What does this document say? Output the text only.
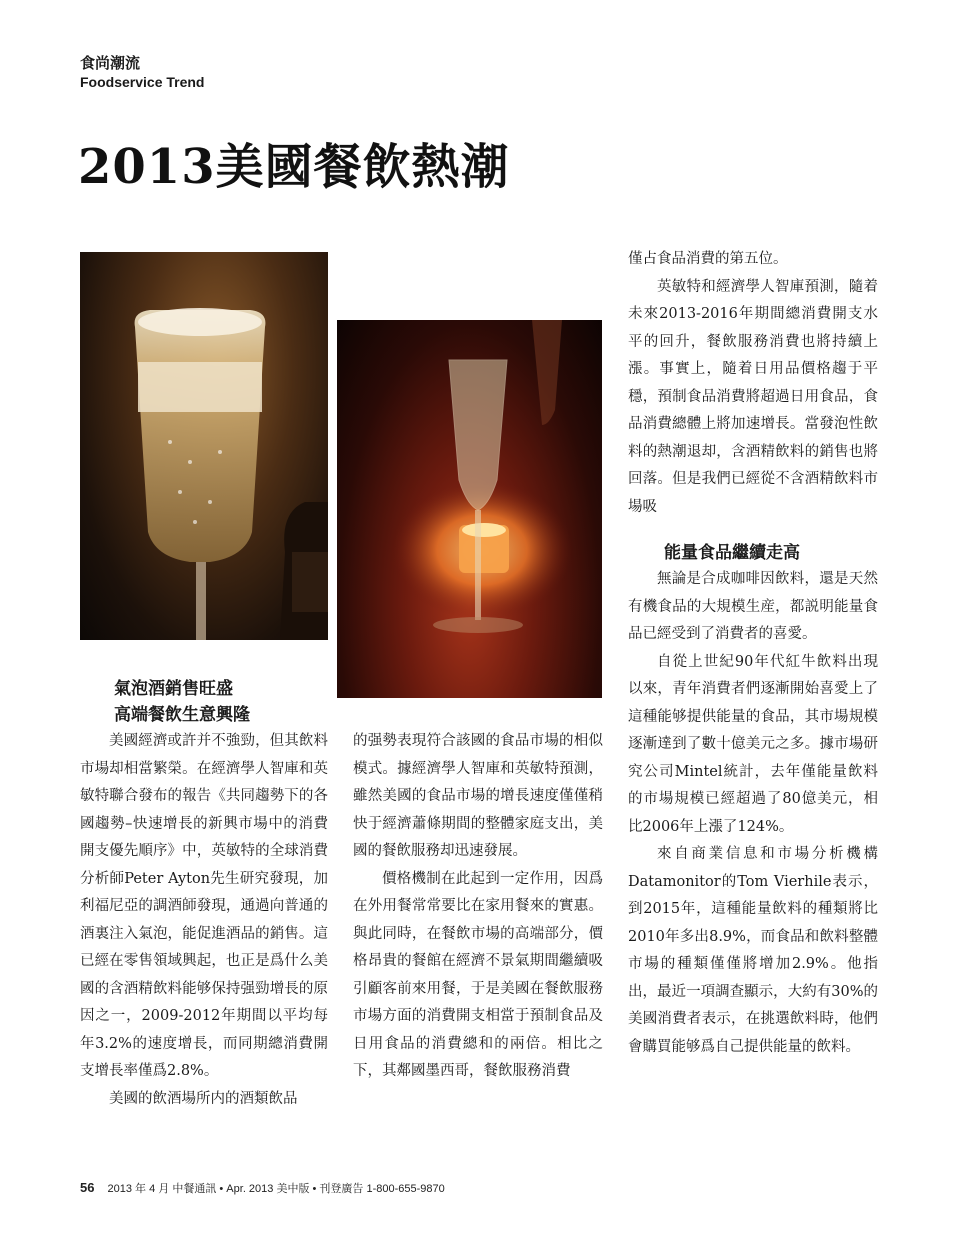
食尚潮流
Foodservice Trend
2013美國餐飲熱潮
氣泡酒銷售旺盛
高端餐飲生意興隆

美國經濟或許并不強勁，但其飲料市場却相當繁榮。在經濟學人智庫和英敏特聯合發布的報告《共同趨勢下的各國趨勢–快速增長的新興市場中的消費開支優先順序》中，英敏特的全球消費分析師Peter Ayton先生研究發現，加利福尼亞的調酒師發現，通過向普通的酒裏注入氣泡，能促進酒品的銷售。這已經在零售領域興起，也正是爲什么美國的含酒精飲料能够保持强勁增長的原因之一，2009-2012年期間以平均每年3.2%的速度增長，而同期總消費開支增長率僅爲2.8%。

美國的飲酒場所内的酒類飲品

的强勢表現符合該國的食品市場的相似模式。據經濟學人智庫和英敏特預測，雖然美國的食品市場的增長速度僅僅稍快于經濟蕭條期間的整體家庭支出，美國的餐飲服務却迅速發展。

價格機制在此起到一定作用，因爲在外用餐常常要比在家用餐來的實惠。與此同時，在餐飲市場的高端部分，價格昂貴的餐館在經濟不景氣期間繼續吸引顧客前來用餐，于是美國在餐飲服務市場方面的消費開支相當于預制食品及日用食品的消費總和的兩倍。相比之下，其鄰國墨西哥，餐飲服務消費

僅占食品消費的第五位。

英敏特和經濟學人智庫預測，隨着未來2013-2016年期間總消費開支水平的回升，餐飲服務消費也將持續上漲。事實上，隨着日用品價格趨于平穩，預制食品消費將超過日用食品，食品消費總體上將加速增長。當發泡性飲料的熱潮退却，含酒精飲料的銷售也將回落。但是我們已經從不含酒精飲料市場吸

能量食品繼續走高

無論是合成咖啡因飲料，還是天然有機食品的大規模生産，都説明能量食品已經受到了消費者的喜愛。

自從上世紀90年代紅牛飲料出現以來，青年消費者們逐漸開始喜愛上了這種能够提供能量的食品，其市場規模逐漸達到了數十億美元之多。據市場研究公司Mintel統計，去年僅能量飲料的市場規模已經超過了80億美元，相比2006年上漲了124%。

來自商業信息和市場分析機構Datamonitor的Tom Vierhile表示，到2015年，這種能量飲料的種類將比2010年多出8.9%，而食品和飲料整體市場的種類僅僅將增加2.9%。他指出，最近一項調查顯示，大約有30%的美國消費者表示，在挑選飲料時，他們會購買能够爲自己提供能量的飲料。

56 2013 年 4 月 中餐通訊 • Apr. 2013 美中版 • 刊登廣告 1-800-655-9870
